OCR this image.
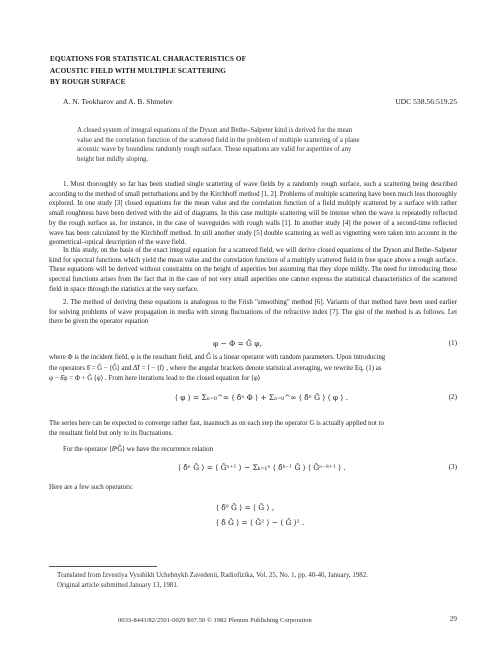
EQUATIONS FOR STATISTICAL CHARACTERISTICS OF
ACOUSTIC FIELD WITH MULTIPLE SCATTERING
BY ROUGH SURFACE
A. N. Teokharov and A. B. Shmelev	UDC 538.56:519.25
A closed system of integral equations of the Dyson and Bethe–Salpeter kind is derived for the mean
value and the correlation function of the scattered field in the problem of multiple scattering of a plane
acoustic wave by boundless randomly rough surface. These equations are valid for asperities of any
height but mildly sloping.

1. Most thoroughly so far has been studied single scattering of wave fields by a randomly rough surface, such a scattering being described according to the method of small perturbations and by the Kirchhoff method [1, 2]. Problems of multiple scattering have been much less thoroughly explored. In one study [3] closed equations for the mean value and the correlation function of a field multiply scattered by a surface with rather small roughness have been derived with the aid of diagrams. In this case multiple scattering will be intense when the wave is repeatedly reflected by the rough surface as, for instance, in the case of waveguides with rough walls [1]. In another study [4] the power of a second-time reflected wave has been calculated by the Kirchhoff method. In still another study [5] double scattering as well as vignetting were taken into account in the geometrical–optical description of the wave field.

In this study, on the basis of the exact integral equation for a scattered field, we will derive closed equations of the Dyson and Bethe–Salpeter kind for spectral functions which yield the mean value and the correlation function of a multiply scattered field in free space above a rough surface. These equations will be derived without constraints on the height of asperities but assuming that they slope mildly. The need for introducing those spectral functions arises from the fact that in the case of not very small asperities one cannot express the statistical characteristics of the scattered field in space through the statistics at the very surface.

2. The method of deriving these equations is analogous to the Frish "smoothing" method [6]. Variants of that method have been used earlier for solving problems of wave propagation in media with strong fluctuations of the refractive index [7]. The gist of the method is as follows. Let there be given the operator equation

φ − Φ = Ĝ φ,	(1)
where Φ is the incident field, φ is the resultant field, and Ĝ is a linear operator with random parameters. Upon introducing
the operators δ̂ = Ĝ − ⟨Ĝ⟩ and Δ̂f = f − ⟨f⟩ , where the angular brackets denote statistical averaging, we rewrite Eq. (1) as
φ − δ̂φ = Φ + Ĝ ⟨φ⟩ . From here iterations lead to the closed equation for ⟨φ⟩
⟨ φ ⟩ = Σₙ₌₀^∞ ⟨ δ̂ⁿ Φ ⟩ + Σₙ₌₀^∞ ⟨ δ̂ⁿ Ĝ ⟩ ⟨ φ ⟩ .	(2)
The series here can be expected to converge rather fast, inasmuch as on each step the operator G is actually applied not to
the resultant field but only to its fluctuations.
For the operator ⟨δ̂ⁿĜ⟩ we have the recurrence relation
⟨ δ̂ⁿ Ĝ ⟩ = ⟨ Ĝⁿ⁺¹ ⟩ − Σₖ₌₁ⁿ ⟨ δ̂ᵏ⁻¹ Ĝ ⟩ ⟨ Ĝⁿ⁻ᵏ⁺¹ ⟩ .	(3)
Here are a few such operators:
⟨ δ̂⁰ Ĝ ⟩ = ⟨ Ĝ ⟩ ,
⟨ δ̂ Ĝ ⟩ = ⟨ Ĝ² ⟩ − ⟨ Ĝ ⟩² .
Translated from Izvestiya Vysshikh Uchebnykh Zavedenii, Radiofizika, Vol. 25, No. 1, pp. 40-46, January, 1982.
Original article submitted January 13, 1981.
0033-8443/82/2501-0029 $07.50 © 1982 Plenum Publishing Corporation	29
